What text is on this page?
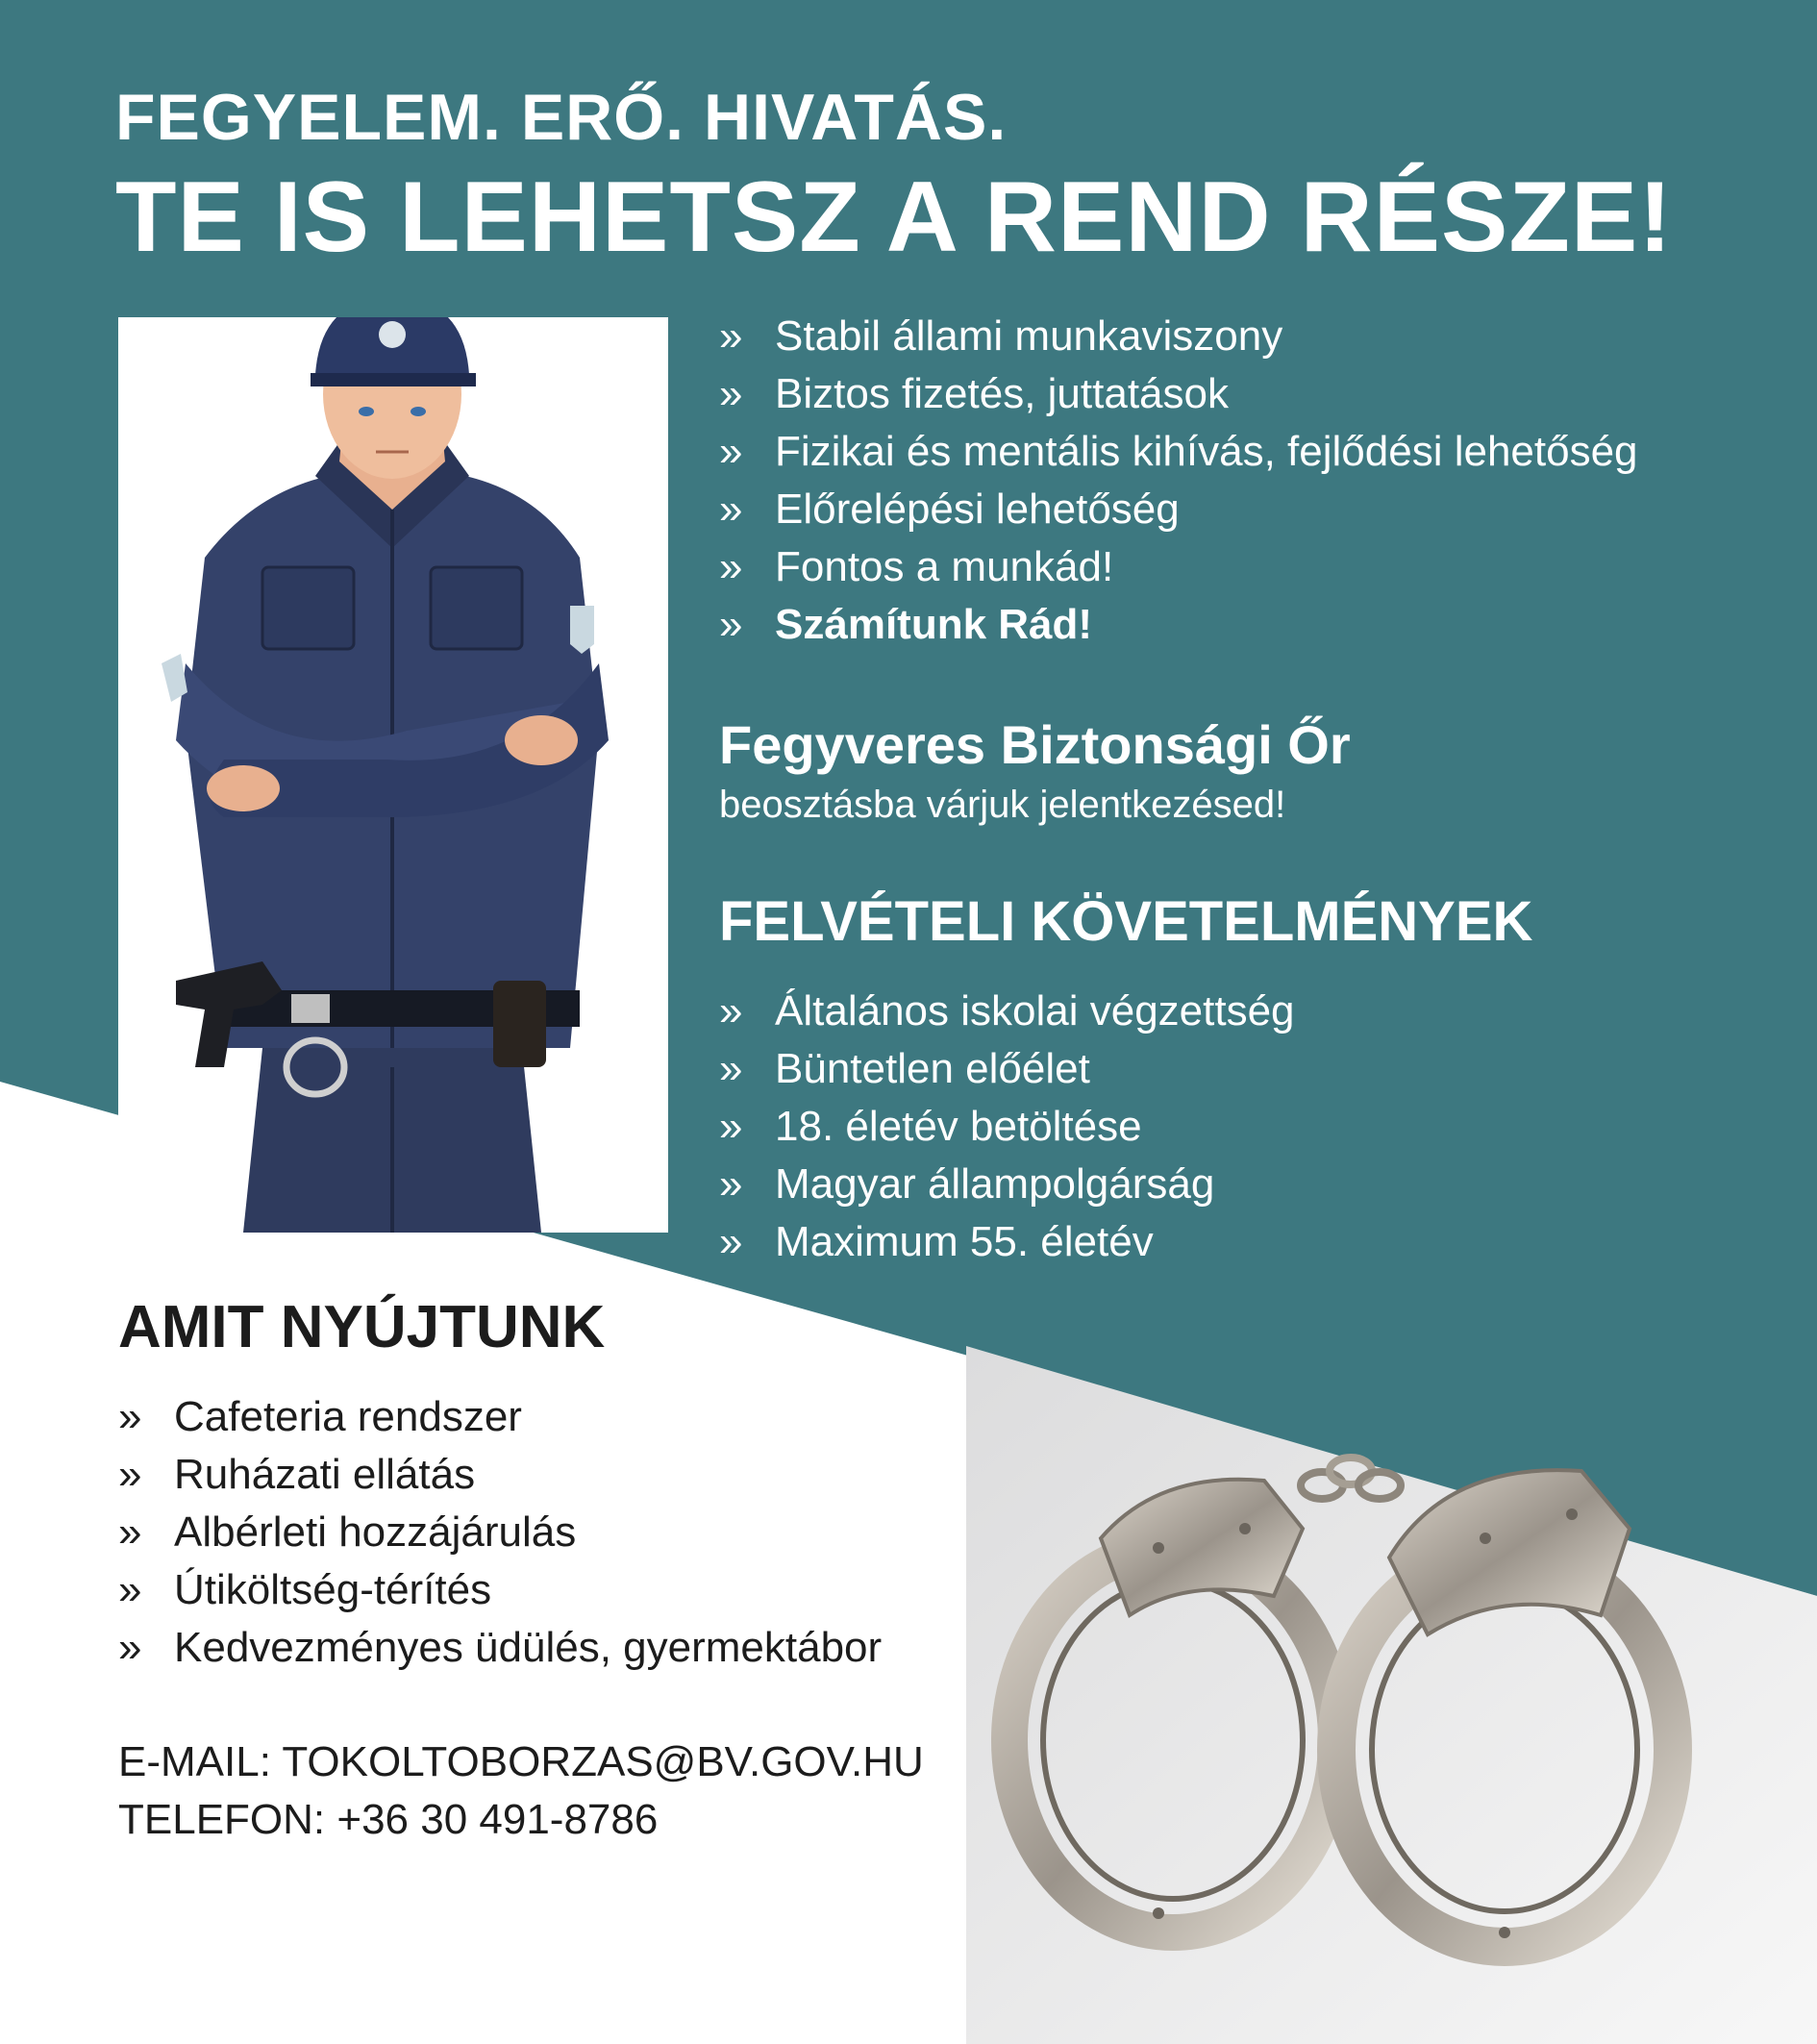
FEGYELEM. ERŐ. HIVATÁS.

TE IS LEHETSZ A REND RÉSZE!

» Stabil állami munkaviszony
» Biztos fizetés, juttatások
» Fizikai és mentális kihívás, fejlődési lehetőség
» Előrelépési lehetőség
» Fontos a munkád!
» Számítunk Rád!

Fegyveres Biztonsági Őr

beosztásba várjuk jelentkezésed!

FELVÉTELI KÖVETELMÉNYEK

» Általános iskolai végzettség
» Büntetlen előélet
» 18. életév betöltése
» Magyar állampolgárság
» Maximum 55. életév

AMIT NYÚJTUNK

» Cafeteria rendszer
» Ruházati ellátás
» Albérleti hozzájárulás
» Útiköltség-térítés
» Kedvezményes üdülés, gyermektábor

E-MAIL: TOKOLTOBORZAS@BV.GOV.HU

TELEFON: +36 30 491-8786
